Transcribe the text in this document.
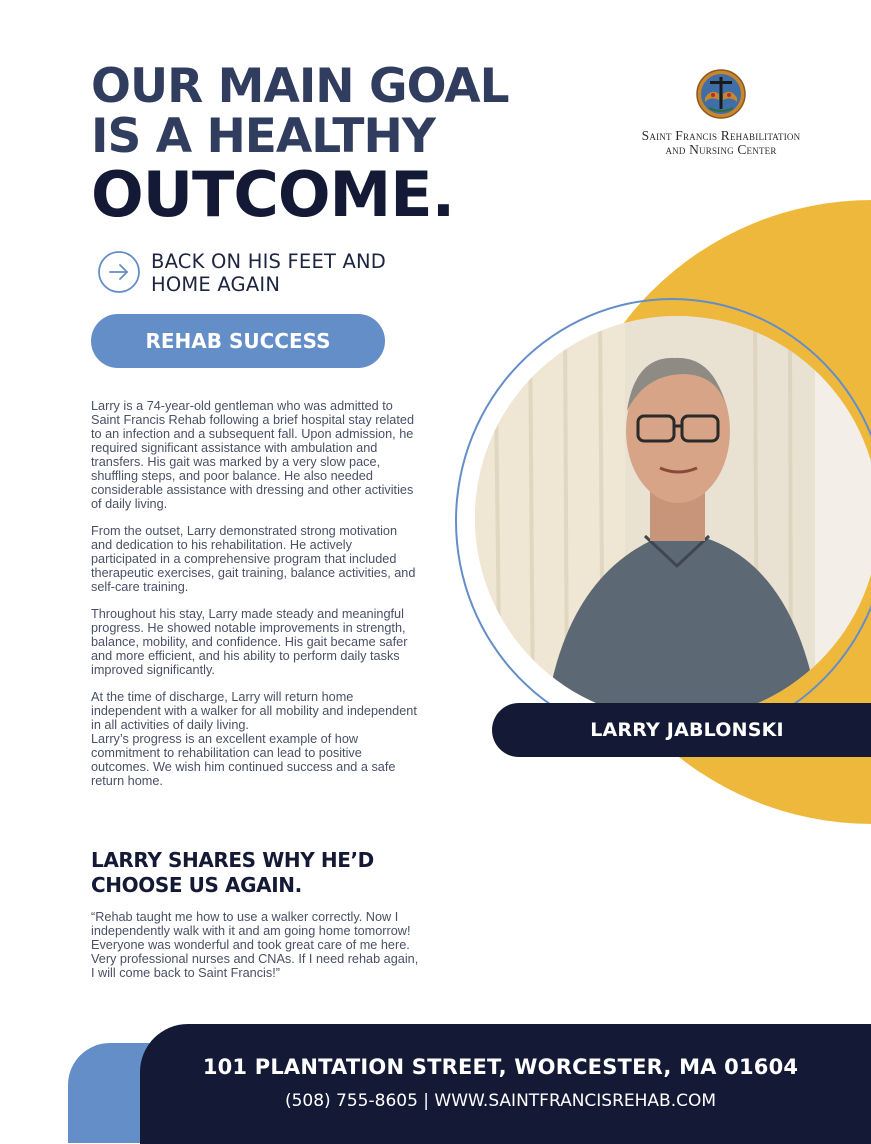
OUR MAIN GOAL
IS A HEALTHY
OUTCOME.
Saint Francis Rehabilitation
and Nursing Center
BACK ON HIS FEET AND
HOME AGAIN
REHAB SUCCESS

Larry is a 74-year-old gentleman who was admitted to Saint Francis Rehab following a brief hospital stay related to an infection and a subsequent fall. Upon admission, he required significant assistance with ambulation and transfers. His gait was marked by a very slow pace, shuffling steps, and poor balance. He also needed considerable assistance with dressing and other activities of daily living.

From the outset, Larry demonstrated strong motivation and dedication to his rehabilitation. He actively participated in a comprehensive program that included therapeutic exercises, gait training, balance activities, and self-care training.

Throughout his stay, Larry made steady and meaningful progress. He showed notable improvements in strength, balance, mobility, and confidence. His gait became safer and more efficient, and his ability to perform daily tasks improved significantly.

At the time of discharge, Larry will return home independent with a walker for all mobility and independent in all activities of daily living.
Larry’s progress is an excellent example of how commitment to rehabilitation can lead to positive outcomes. We wish him continued success and a safe return home.

LARRY SHARES WHY HE’D
CHOOSE US AGAIN.

“Rehab taught me how to use a walker correctly. Now I independently walk with it and am going home tomorrow! Everyone was wonderful and took great care of me here. Very professional nurses and CNAs. If I need rehab again, I will come back to Saint Francis!”

LARRY JABLONSKI

101 PLANTATION STREET, WORCESTER, MA 01604

(508) 755-8605 | WWW.SAINTFRANCISREHAB.COM
